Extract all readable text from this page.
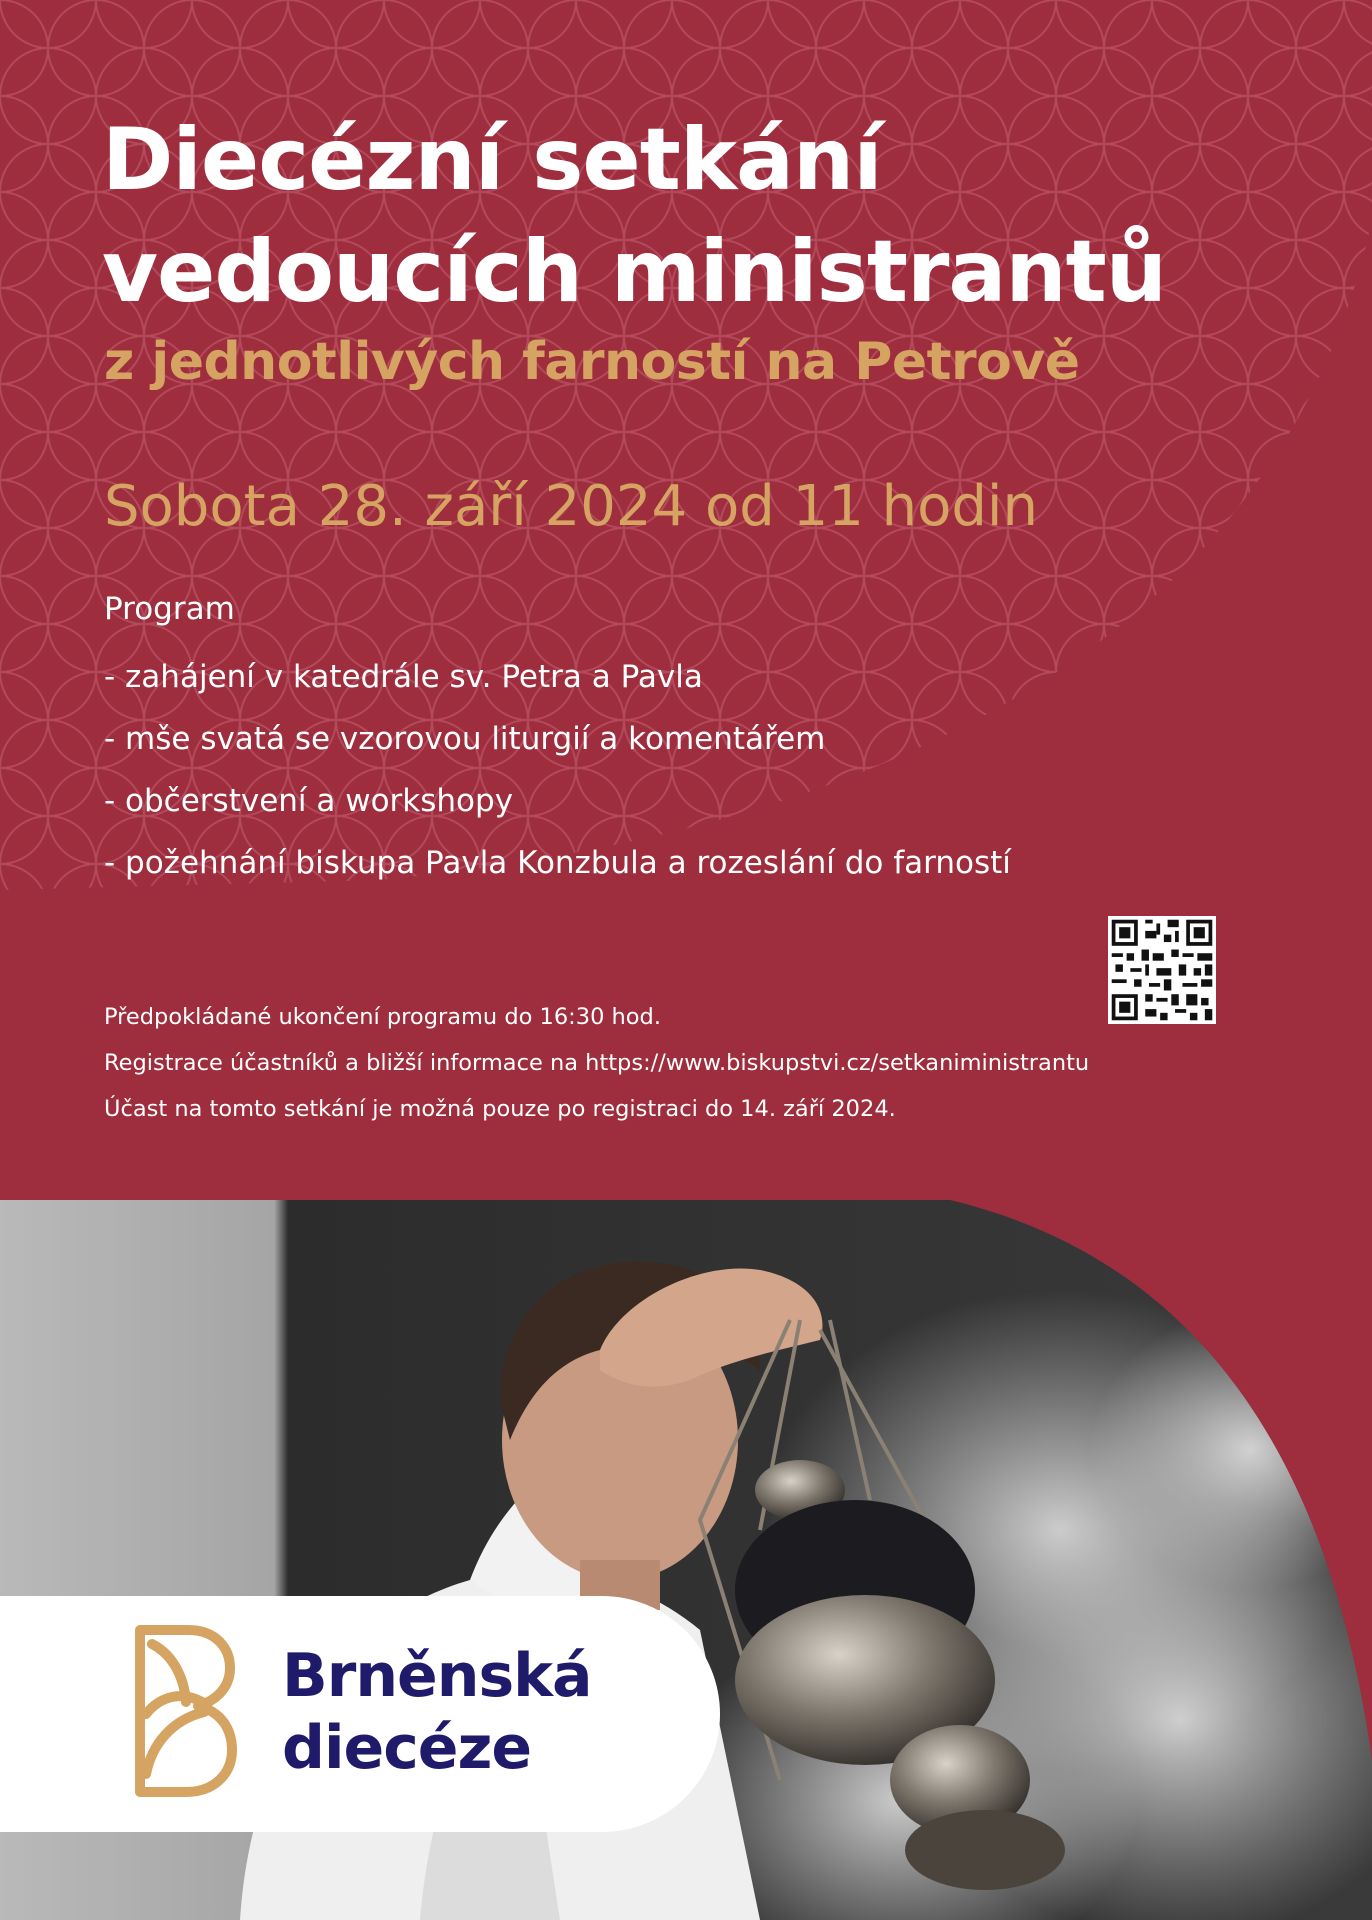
Diecézní setkání
vedoucích ministrantů

z jednotlivých farností na Petrově

Sobota 28. září 2024 od 11 hodin

Program
- zahájení v katedrále sv. Petra a Pavla
- mše svatá se vzorovou liturgií a komentářem
- občerstvení a workshopy
- požehnání biskupa Pavla Konzbula a rozeslání do farností

Předpokládané ukončení programu do 16:30 hod.

Registrace účastníků a bližší informace na https://www.biskupstvi.cz/setkaniministrantu

Účast na tomto setkání je možná pouze po registraci do 14. září 2024.

Brněnská
diecéze
